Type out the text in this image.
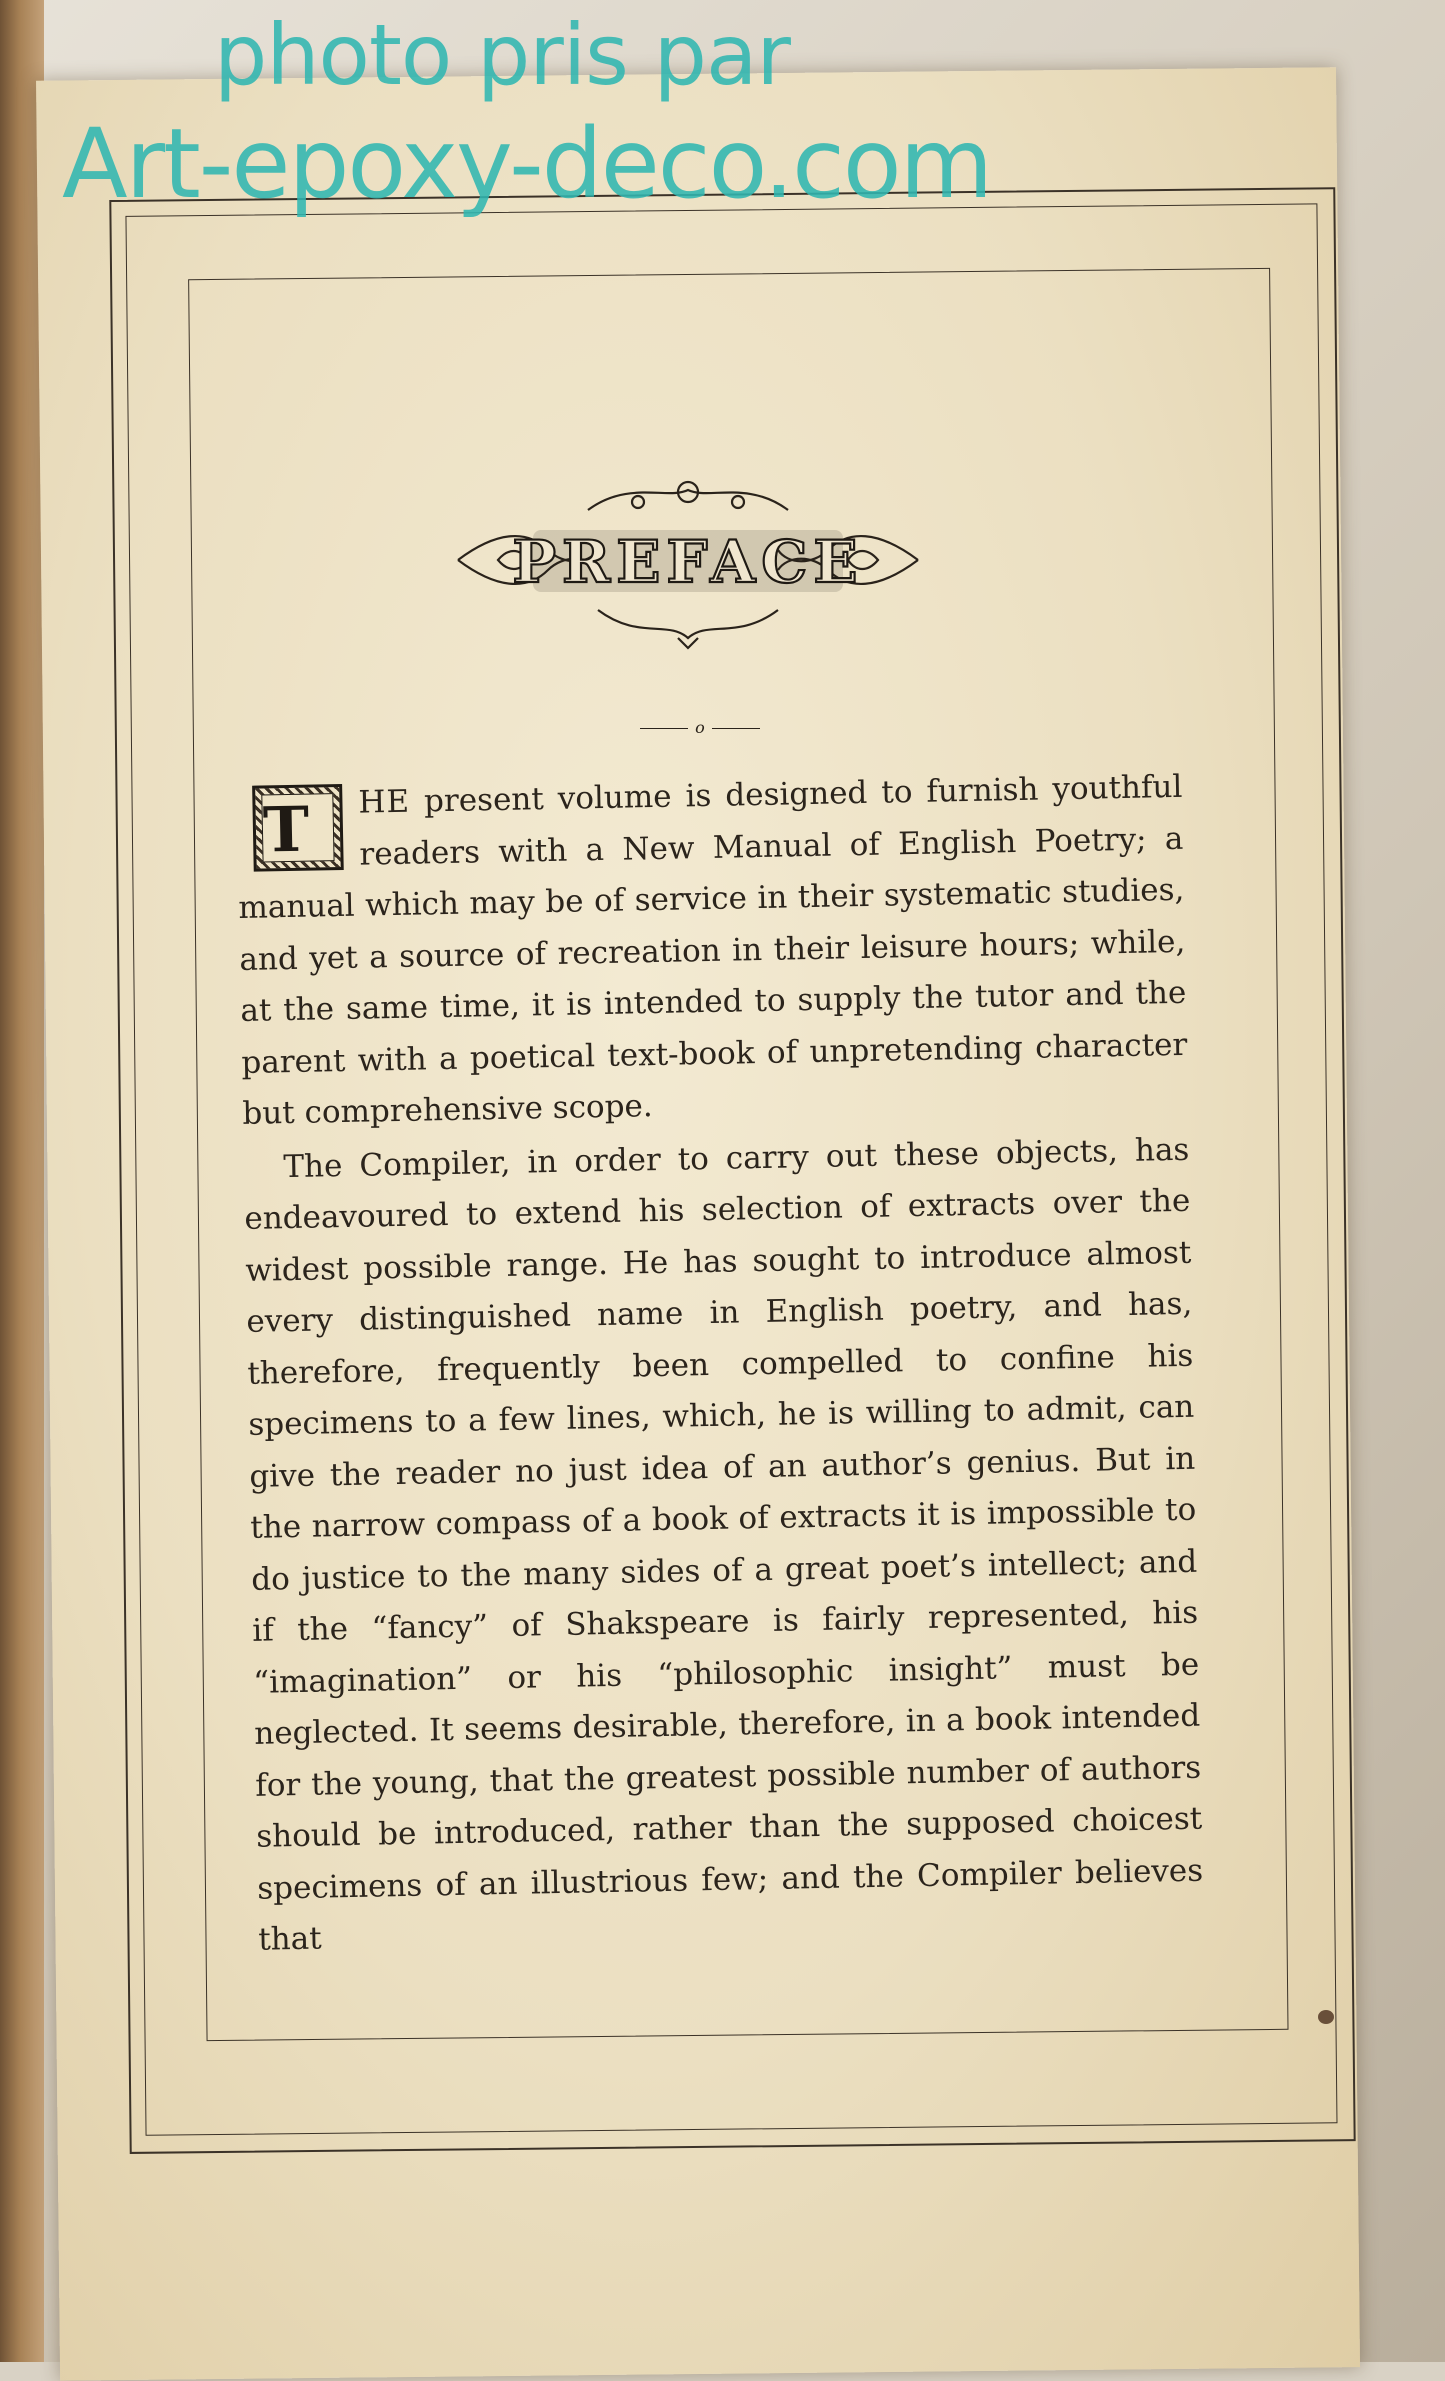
PREFACE
o

T	HE present volume is designed to furnish youthful readers with a New Manual of English Poetry; a manual which may be of service in their systematic studies, and yet a source of recreation in their leisure hours; while, at the same time, it is intended to supply the tutor and the parent with a poetical text-book of unpretending character but comprehensive scope.

The Compiler, in order to carry out these objects, has endeavoured to extend his selection of extracts over the widest possible range. He has sought to introduce almost every distinguished name in English poetry, and has, therefore, frequently been compelled to confine his specimens to a few lines, which, he is willing to admit, can give the reader no just idea of an author’s genius. But in the narrow compass of a book of extracts it is impossible to do justice to the many sides of a great poet’s intellect; and if the “fancy” of Shakspeare is fairly represented, his “imagination” or his “philosophic insight” must be neglected. It seems desirable, therefore, in a book intended for the young, that the greatest possible number of authors should be introduced, rather than the supposed choicest specimens of an illustrious few; and the Compiler believes that

photo pris par
Art-epoxy-deco.com
